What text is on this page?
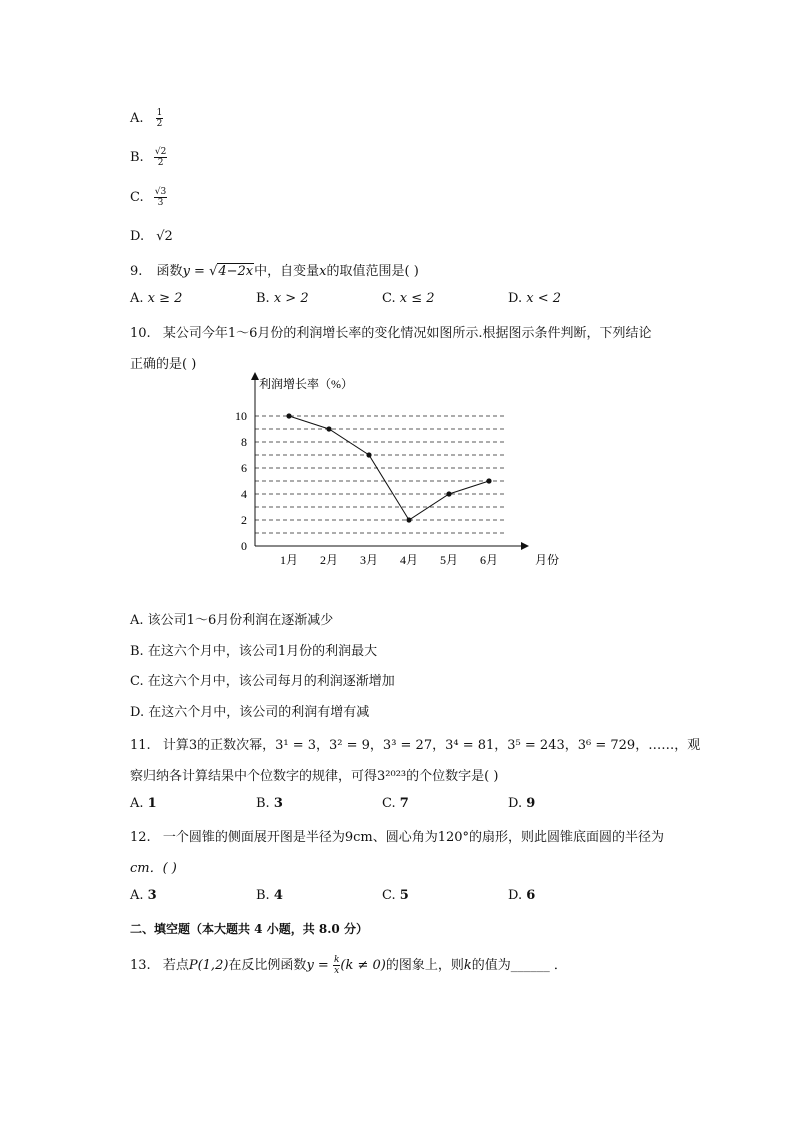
A. $\frac{1}{2}$
B. $\frac{√2}{2}$
C. $\frac{√3}{3}$
D. √2
9. 函数y = √4−2x中，自变量x的取值范围是( )
A. x ≥ 2	B. x > 2	C. x ≤ 2	D. x < 2
10. 某公司今年1～6月份的利润增长率的变化情况如图所示.根据图示条件判断，下列结论
正确的是( )
利润增长率（%）
月份
0
2
4
6
8
10
1月 2月 3月 4月 5月 6月
A. 该公司1～6月份利润在逐渐减少
B. 在这六个月中，该公司1月份的利润最大
C. 在这六个月中，该公司每月的利润逐渐增加
D. 在这六个月中，该公司的利润有增有减
11. 计算3的正数次幂，3¹ = 3，3² = 9，3³ = 27，3⁴ = 81，3⁵ = 243，3⁶ = 729，……，观
察归纳各计算结果中个位数字的规律，可得3²⁰²³的个位数字是( )
A. 1	B. 3	C. 7	D. 9
12. 一个圆锥的侧面展开图是半径为9cm、圆心角为120°的扇形，则此圆锥底面圆的半径为
cm．( )
A. 3	B. 4	C. 5	D. 6
二、填空题（本大题共 4 小题，共 8.0 分）
13. 若点P(1,2)在反比例函数$y = \frac{k}{x} (k \ne 0)$的图象上，则k的值为______ ．
